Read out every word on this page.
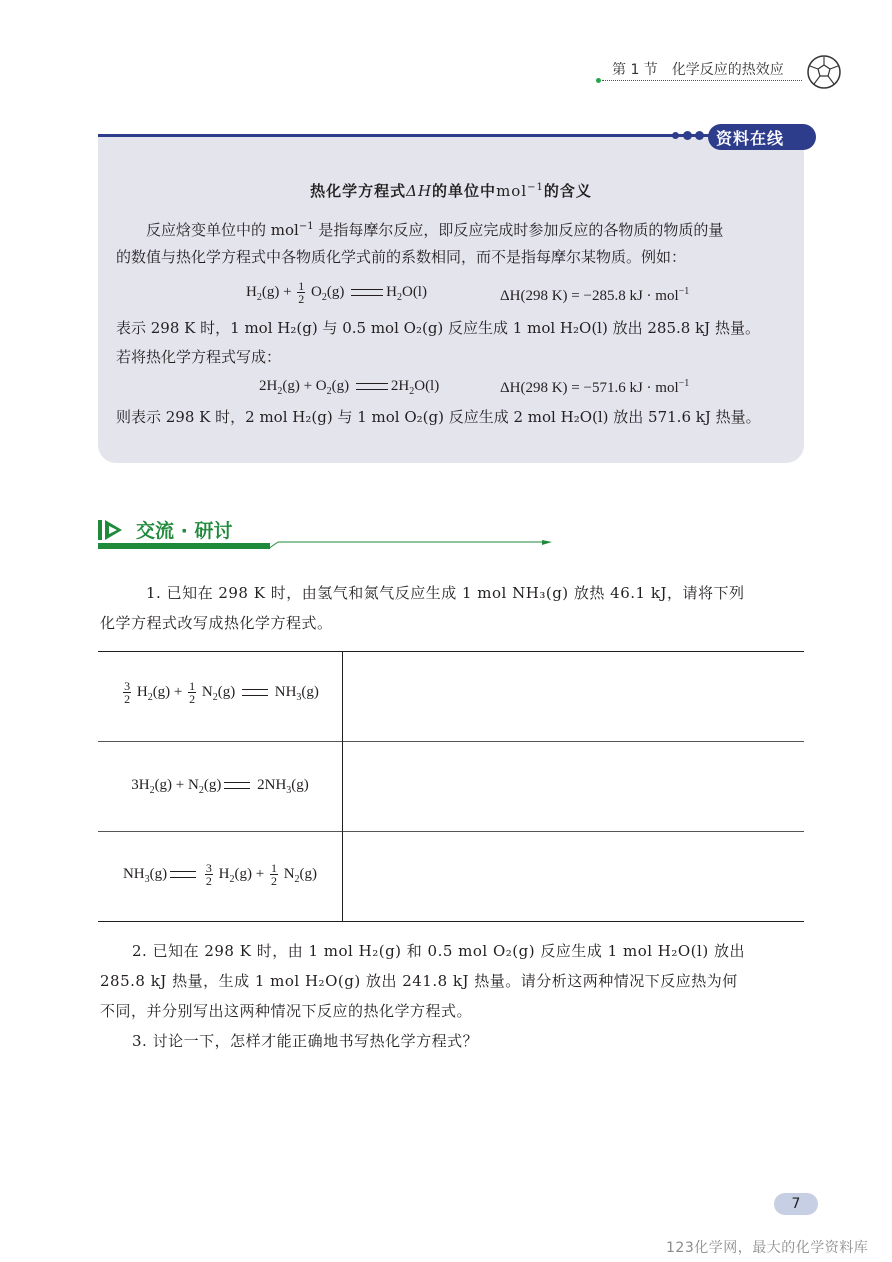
第 1 节 化学反应的热效应
资料在线
热化学方程式ΔH的单位中mol$^{-1}$的含义
反应焓变单位中的 mol$^{-1}$ 是指每摩尔反应，即反应完成时参加反应的各物质的物质的量
的数值与热化学方程式中各物质化学式前的系数相同，而不是指每摩尔某物质。例如：
$H_2(g) + \frac{1}{2} O_2(g)$	$H_2O(l)$	ΔH(298 K) = −285.8 kJ · mol$^{-1}$
表示 298 K 时，1 mol H₂(g) 与 0.5 mol O₂(g) 反应生成 1 mol H₂O(l) 放出 285.8 kJ 热量。
若将热化学方程式写成：
$2H_2(g) + O_2(g)$	$2H_2O(l)$	ΔH(298 K) = −571.6 kJ · mol$^{-1}$
则表示 298 K 时，2 mol H₂(g) 与 1 mol O₂(g) 反应生成 2 mol H₂O(l) 放出 571.6 kJ 热量。
交流 · 研讨
1. 已知在 298 K 时，由氢气和氮气反应生成 1 mol NH₃(g) 放热 46.1 kJ，请将下列
化学方程式改写成热化学方程式。
$\frac{3}{2} H_2(g) + \frac{1}{2} N_2(g)$  $NH_3(g)$
$3H_2(g) + N_2(g)$ $2NH_3(g)$
$NH_3(g)$	$\frac{3}{2} H_2(g) + \frac{1}{2} N_2(g)$
2. 已知在 298 K 时，由 1 mol H₂(g) 和 0.5 mol O₂(g) 反应生成 1 mol H₂O(l) 放出
285.8 kJ 热量，生成 1 mol H₂O(g) 放出 241.8 kJ 热量。请分析这两种情况下反应热为何
不同，并分别写出这两种情况下反应的热化学方程式。
3. 讨论一下，怎样才能正确地书写热化学方程式？
7
123化学网，最大的化学资料库
